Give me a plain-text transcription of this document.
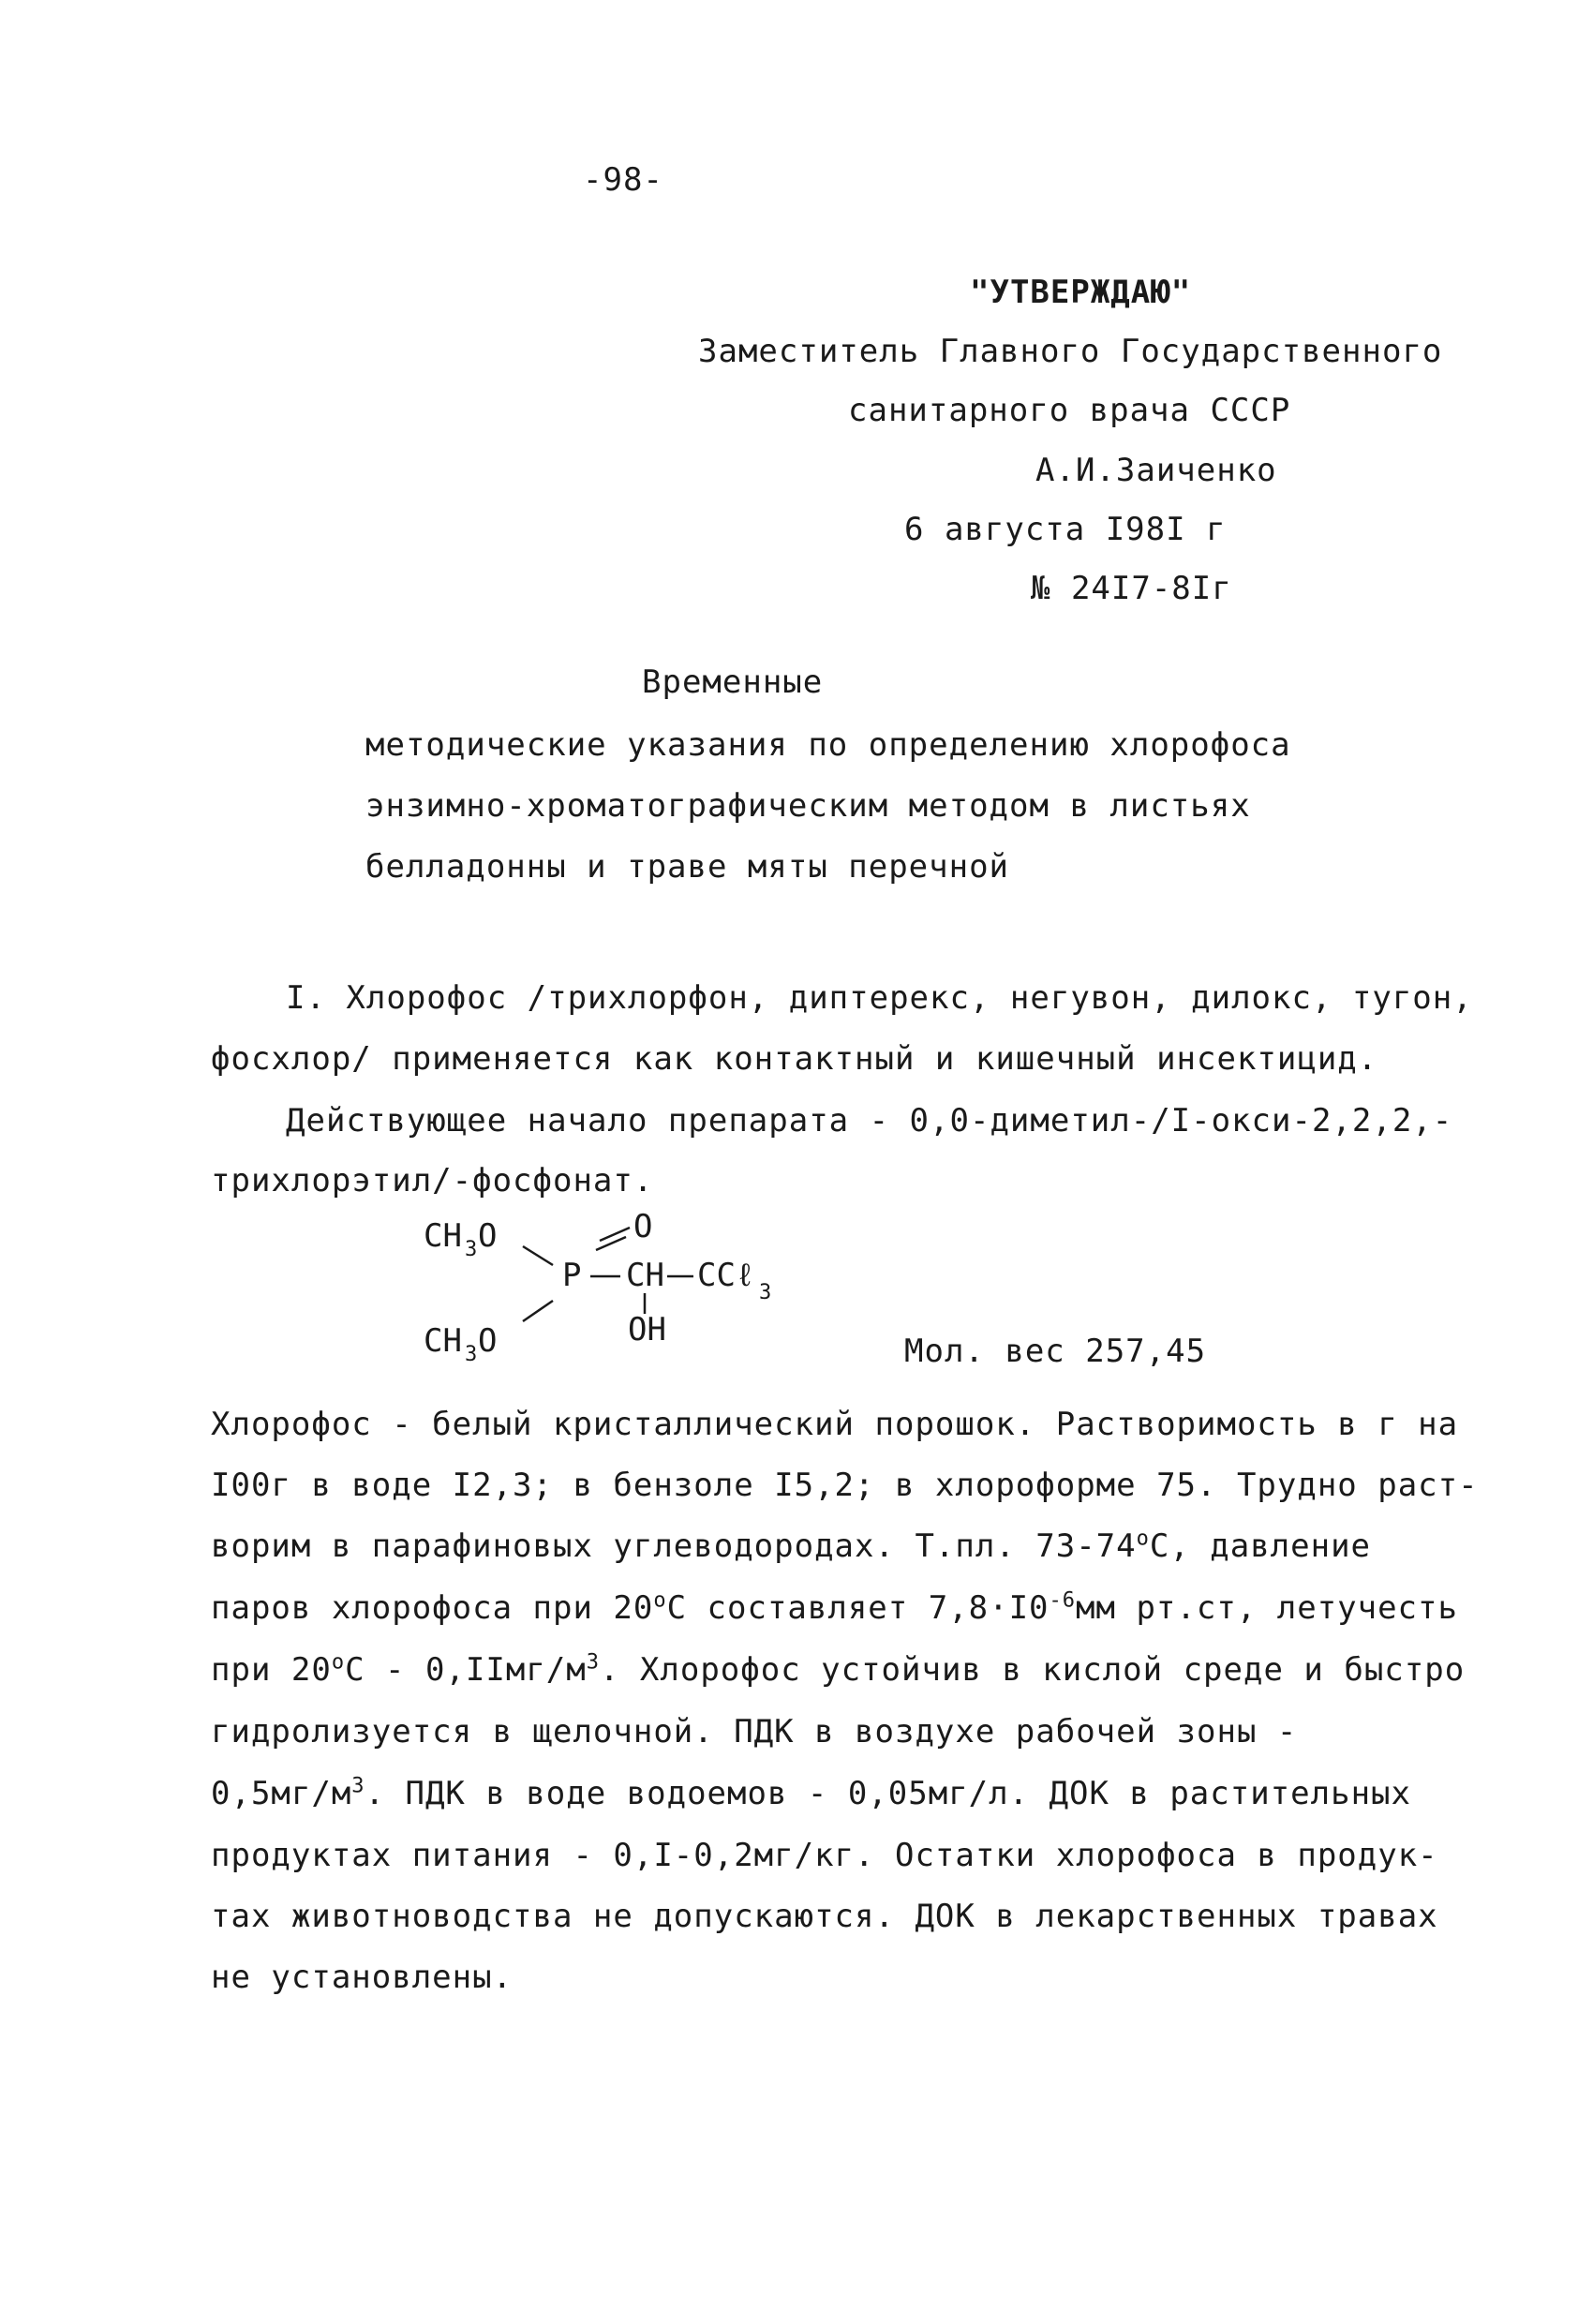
-98-
"УТВЕРЖДАЮ"
Заместитель Главного Государственного
санитарного врача СССР
А.И.Заиченко
6 августа I98I г
№ 24I7-8Iг
Временные
методические указания по определению хлорофоса
энзимно-хроматографическим методом в листьях
белладонны и траве мяты перечной
I. Хлорофос /трихлорфон, диптерекс, негувон, дилокс, тугон,
фосхлор/ применяется как контактный и кишечный инсектицид.
Действующее начало препарата - 0,0-диметил-/I-окси-2,2,2,-
трихлорэтил/-фосфонат.
CH 3 O
P
O
CH CCℓ 3
OH
CH 3 O	Мол. вес 257,45
Хлорофос - белый кристаллический порошок. Растворимость в г на
I00г в воде I2,3; в бензоле I5,2; в хлороформе 75. Трудно раст-
ворим в парафиновых углеводородах. Т.пл. $73-74^оС$, давление
паров хлорофоса при $20^оС$ составляет $7,8\cdot I0^{-6}мм$ рт.ст, летучесть
при $20^оС$ - $0,IIмг/м^3$. Хлорофос устойчив в кислой среде и быстро
гидролизуется в щелочной. ПДК в воздухе рабочей зоны -
$0,5мг/м^3$. ПДК в воде водоемов - 0,05мг/л. ДОК в растительных
продуктах питания - 0,I-0,2мг/кг. Остатки хлорофоса в продук-
тах животноводства не допускаются. ДОК в лекарственных травах
не установлены.
